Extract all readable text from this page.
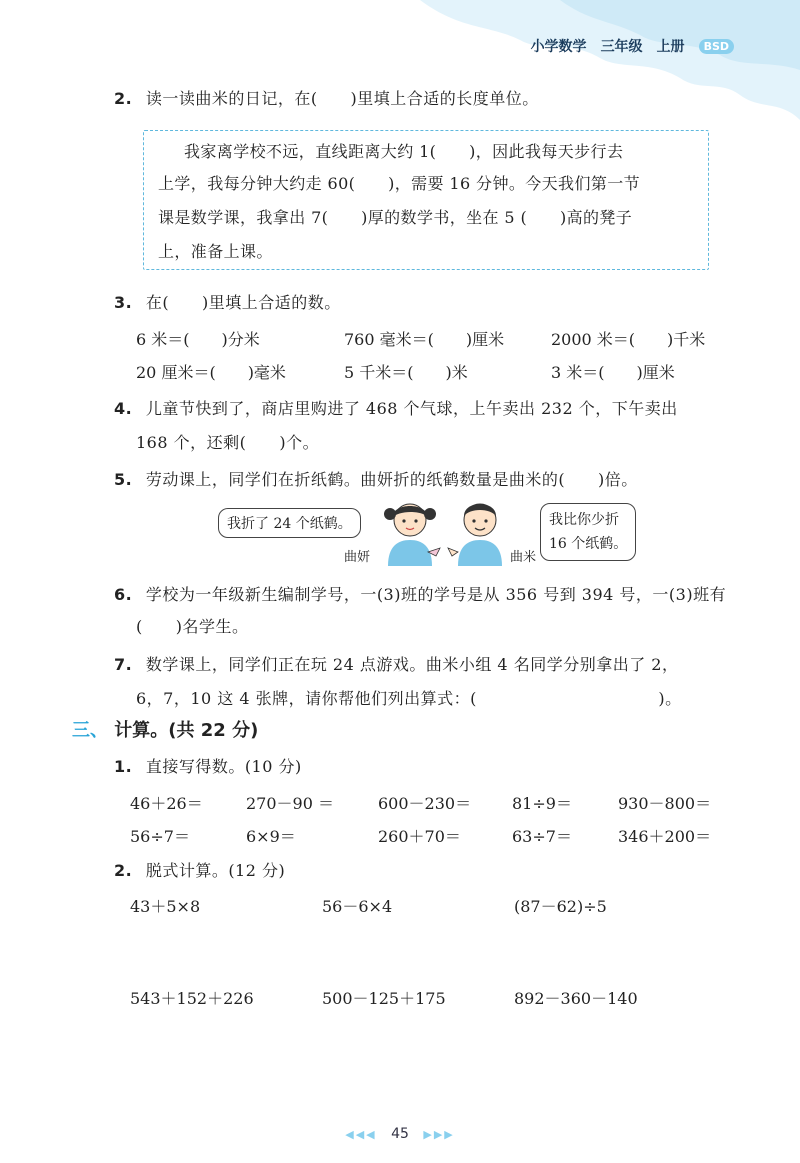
小学数学 三年级 上册	BSD
2. 读一读曲米的日记，在(　　)里填上合适的长度单位。
我家离学校不远，直线距离大约 1(　　)，因此我每天步行去
上学，我每分钟大约走 60(　　)，需要 16 分钟。今天我们第一节
课是数学课，我拿出 7(　　)厚的数学书，坐在 5 (　　)高的凳子
上，准备上课。
3. 在(　　)里填上合适的数。
6 米＝(　　)分米	760 毫米＝(　　)厘米	2000 米＝(　　)千米
20 厘米＝(　　)毫米	5 千米＝(　　)米	3 米＝(　　)厘米
4. 儿童节快到了，商店里购进了 468 个气球，上午卖出 232 个，下午卖出
168 个，还剩(　　)个。
5. 劳动课上，同学们在折纸鹤。曲妍折的纸鹤数量是曲米的(　　)倍。
我折了 24 个纸鹤。	我比你少折
16 个纸鹤。
曲妍	曲米
6. 学校为一年级新生编制学号，一(3)班的学号是从 356 号到 394 号，一(3)班有
(　　)名学生。
7. 数学课上，同学们正在玩 24 点游戏。曲米小组 4 名同学分别拿出了 2，
6，7，10 这 4 张牌，请你帮他们列出算式：(　　　　　　　　　　　)。
三、 计算。(共 22 分)
1. 直接写得数。(10 分)
46＋26＝	270－90 ＝	600－230＝	81÷9＝	930－800＝
56÷7＝	6×9＝	260＋70＝	63÷7＝	346＋200＝
2. 脱式计算。(12 分)
43＋5×8	56－6×4	(87－62)÷5
543＋152＋226	500－125＋175	892－360－140
◀◀◀ 45 ▶▶▶
